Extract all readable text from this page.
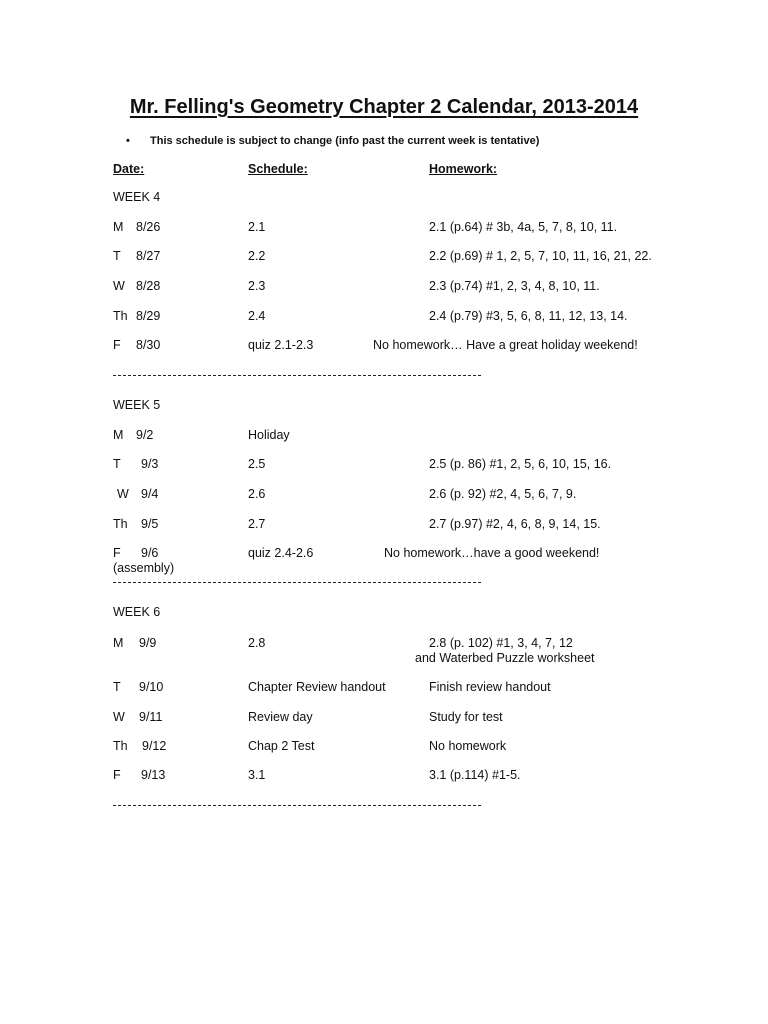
Mr. Felling's Geometry Chapter 2 Calendar, 2013-2014
• This schedule is subject to change (info past the current week is tentative)
Date:	Schedule:	Homework:
WEEK 4
M 8/26	2.1	2.1 (p.64) # 3b, 4a, 5, 7, 8, 10, 11.
T 8/27	2.2	2.2 (p.69) # 1, 2, 5, 7, 10, 11, 16, 21, 22.
W 8/28	2.3	2.3 (p.74) #1, 2, 3, 4, 8, 10, 11.
Th 8/29	2.4	2.4 (p.79) #3, 5, 6, 8, 11, 12, 13, 14.
F 8/30	quiz 2.1-2.3	No homework… Have a great holiday weekend!
WEEK 5
M 9/2	Holiday
T 9/3	2.5	2.5 (p. 86) #1, 2, 5, 6, 10, 15, 16.
W 9/4	2.6	2.6 (p. 92) #2, 4, 5, 6, 7, 9.
Th 9/5	2.7	2.7 (p.97) #2, 4, 6, 8, 9, 14, 15.
F 9/6	quiz 2.4-2.6	No homework…have a good weekend!
(assembly)
WEEK 6
M 9/9	2.8	2.8 (p. 102) #1, 3, 4, 7, 12
and Waterbed Puzzle worksheet
T 9/10	Chapter Review handout	Finish review handout
W 9/11	Review day	Study for test
Th 9/12	Chap 2 Test	No homework
F 9/13	3.1	3.1 (p.114) #1-5.
